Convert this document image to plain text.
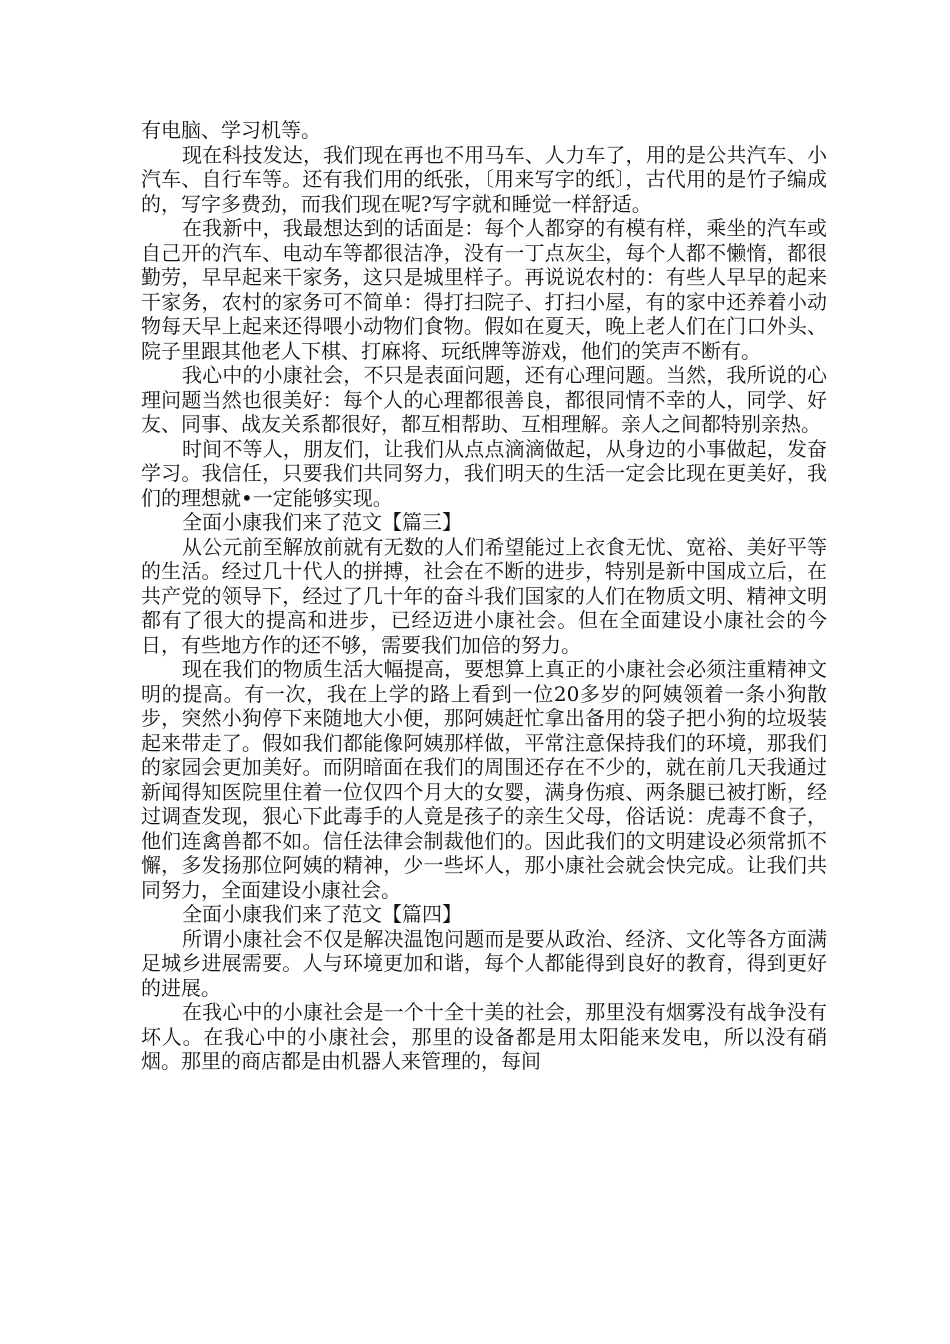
有电脑、学习机等。

现在科技发达，我们现在再也不用马车、人力车了，用的是公共汽车、小汽车、自行车等。还有我们用的纸张，〔用来写字的纸〕，古代用的是竹子编成的，写字多费劲，而我们现在呢?写字就和睡觉一样舒适。

在我新中，我最想达到的话面是：每个人都穿的有模有样，乘坐的汽车或自己开的汽车、电动车等都很洁净，没有一丁点灰尘，每个人都不懒惰，都很勤劳，早早起来干家务，这只是城里样子。再说说农村的：有些人早早的起来干家务，农村的家务可不简单：得打扫院子、打扫小屋，有的家中还养着小动物每天早上起来还得喂小动物们食物。假如在夏天，晚上老人们在门口外头、院子里跟其他老人下棋、打麻将、玩纸牌等游戏，他们的笑声不断有。

我心中的小康社会，不只是表面问题，还有心理问题。当然，我所说的心理问题当然也很美好：每个人的心理都很善良，都很同情不幸的人，同学、好友、同事、战友关系都很好，都互相帮助、互相理解。亲人之间都特别亲热。

时间不等人，朋友们，让我们从点点滴滴做起，从身边的小事做起，发奋学习。我信任，只要我们共同努力，我们明天的生活一定会比现在更美好，我们的理想就•一定能够实现。

全面小康我们来了范文【篇三】

从公元前至解放前就有无数的人们希望能过上衣食无忧、宽裕、美好平等的生活。经过几十代人的拼搏，社会在不断的进步，特别是新中国成立后，在共产党的领导下，经过了几十年的奋斗我们国家的人们在物质文明、精神文明都有了很大的提高和进步，已经迈进小康社会。但在全面建设小康社会的今日，有些地方作的还不够，需要我们加倍的努力。

现在我们的物质生活大幅提高，要想算上真正的小康社会必须注重精神文明的提高。有一次，我在上学的路上看到一位20多岁的阿姨领着一条小狗散步，突然小狗停下来随地大小便，那阿姨赶忙拿出备用的袋子把小狗的垃圾装起来带走了。假如我们都能像阿姨那样做，平常注意保持我们的环境，那我们的家园会更加美好。而阴暗面在我们的周围还存在不少的，就在前几天我通过新闻得知医院里住着一位仅四个月大的女婴，满身伤痕、两条腿已被打断，经过调查发现，狠心下此毒手的人竟是孩子的亲生父母，俗话说：虎毒不食子，他们连禽兽都不如。信任法律会制裁他们的。因此我们的文明建设必须常抓不懈，多发扬那位阿姨的精神，少一些坏人，那小康社会就会快完成。让我们共同努力，全面建设小康社会。

全面小康我们来了范文【篇四】

所谓小康社会不仅是解决温饱问题而是要从政治、经济、文化等各方面满足城乡进展需要。人与环境更加和谐，每个人都能得到良好的教育，得到更好的进展。

在我心中的小康社会是一个十全十美的社会，那里没有烟雾没有战争没有坏人。在我心中的小康社会，那里的设备都是用太阳能来发电，所以没有硝烟。那里的商店都是由机器人来管理的，每间
